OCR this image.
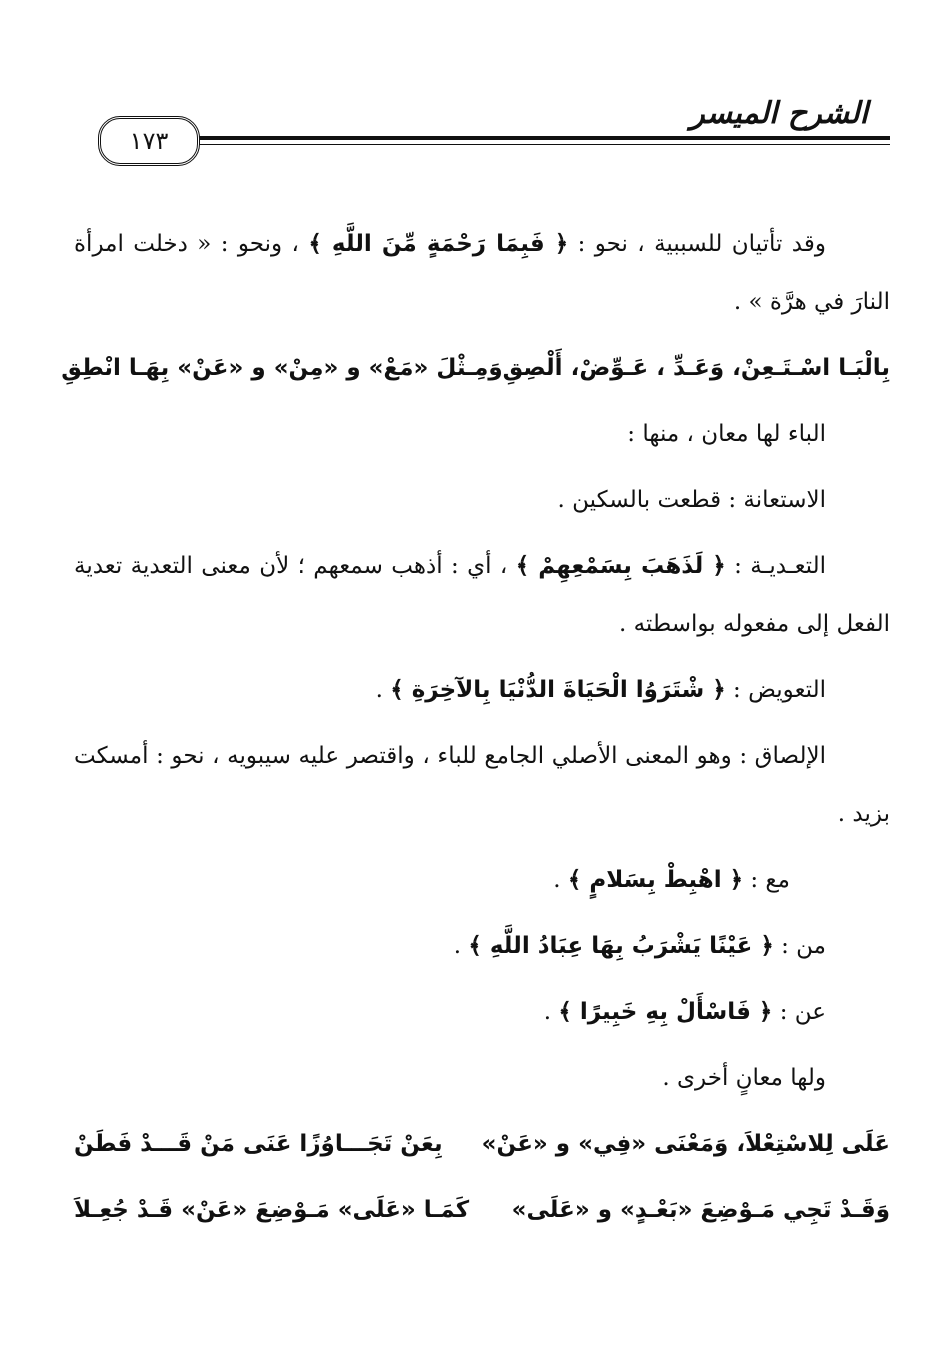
الشرح الميسر
١٧٣

وقد تأتيان للسببية ، نحو : ﴿ فَبِمَا رَحْمَةٍ مِّنَ اللَّهِ ﴾ ، ونحو : « دخلت امرأة النارَ في هرَّة » .

بِالْبَـا اسْـتَـعِنْ، وَعَـدِّ ، عَـوِّضْ، أَلْصِقِ
وَمِـثْلَ «مَعْ» و «مِنْ» و «عَنْ» بِهَـا انْطِقِ

الباء لها معان ، منها :

الاستعانة : قطعت بالسكين .

التعـديـة : ﴿ لَذَهَبَ بِسَمْعِهِمْ ﴾ ، أي : أذهب سمعهم ؛ لأن معنى التعدية تعدية الفعل إلى مفعوله بواسطته .

التعويض : ﴿ شْتَرَوُا الْحَيَاةَ الدُّنْيَا بِالآخِرَةِ ﴾ .

الإلصاق : وهو المعنى الأصلي الجامع للباء ، واقتصر عليه سيبويه ، نحو : أمسكت بزيد .

مع : ﴿ اهْبِطْ بِسَلامٍ ﴾ .

من : ﴿ عَيْنًا يَشْرَبُ بِهَا عِبَادُ اللَّهِ ﴾ .

عن : ﴿ فَاسْأَلْ بِهِ خَبِيرًا ﴾ .

ولها معانٍ أخرى .

عَلَى لِلاسْتِعْلاَ، وَمَعْنَى «فِي» و «عَنْ»
بِعَنْ تَجَـــاوُزًا عَنَى مَنْ قَـــدْ فَطَنْ
وَقَـدْ تَجِي مَـوْضِعَ «بَعْـدٍ» و «عَلَى»
كَمَـا «عَلَى» مَـوْضِعَ «عَنْ» قَـدْ جُعِـلاَ
